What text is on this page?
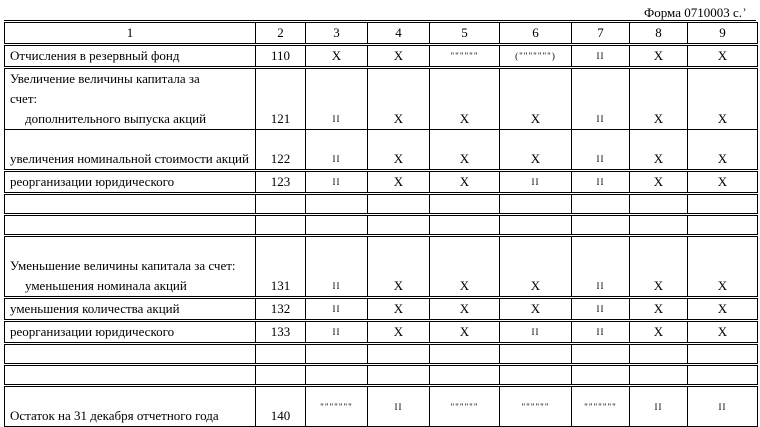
Форма 0710003 с. ›
1	2	3	4	5	6	7	8	9
Отчисления в резервный фонд	110	X	X	""""""	(""""""")	II	X	X

Увеличение величины капитала за счет:
дополнительного выпуска акций	121	II	X	X	X	II	X	X
увеличения номинальной стоимости акций	122	II	X	X	X	II	X	X
реорганизации юридического	123	II	X	X	II	II	X	X

Уменьшение величины капитала за счет:
уменьшения номинала акций	131	II	X	X	X	II	X	X
уменьшения количества акций	132	II	X	X	X	II	X	X
реорганизации юридического	133	II	X	X	II	II	X	X

Остаток на 31 декабря отчетного года	140	"""""""	II	""""""	""""""	"""""""	II	II
